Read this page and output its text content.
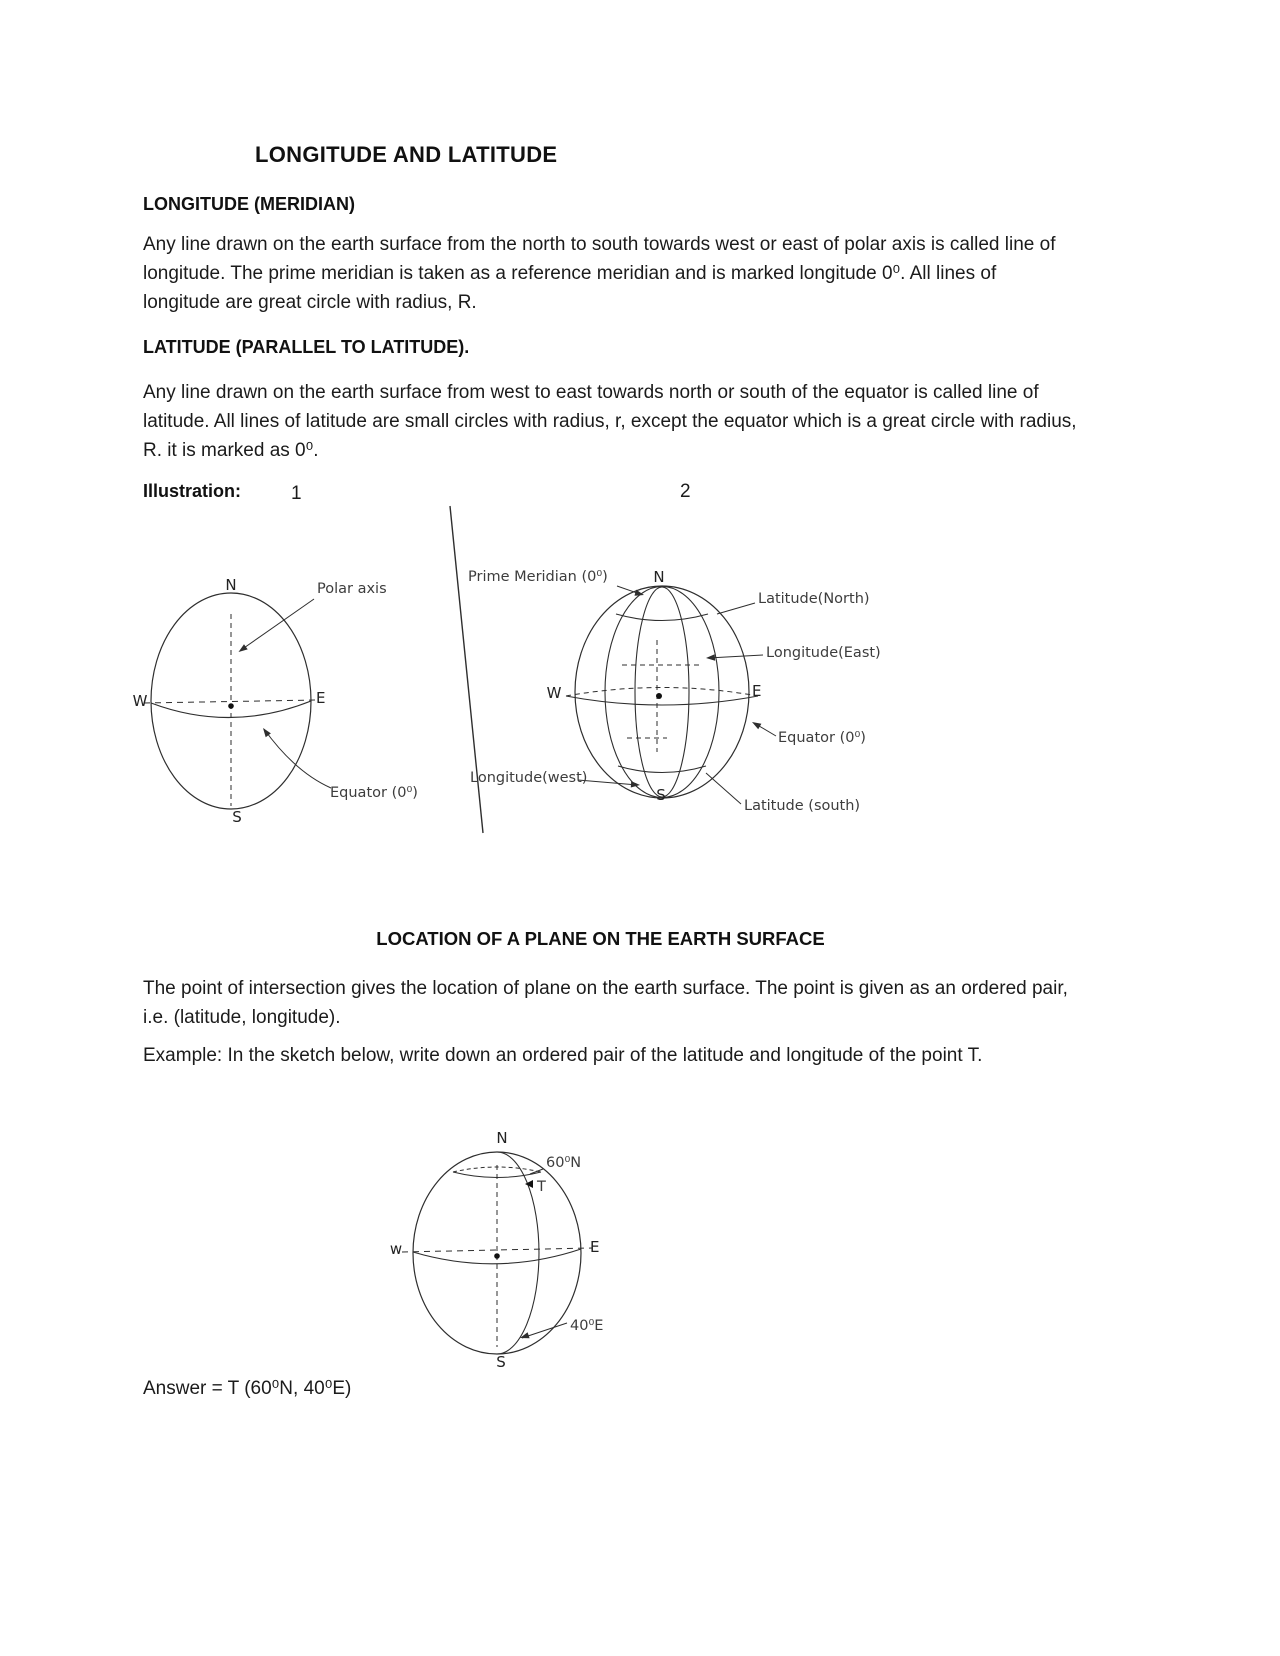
LONGITUDE AND LATITUDE
LONGITUDE (MERIDIAN)
Any line drawn on the earth surface from the north to south towards west or east of polar axis is called line of longitude. The prime meridian is taken as a reference meridian and is marked longitude 0⁰. All lines of longitude are great circle with radius, R.
LATITUDE (PARALLEL TO LATITUDE).
Any line drawn on the earth surface from west to east towards north or south of the equator is called line of latitude. All lines of latitude are small circles with radius, r, except the equator which is a great circle with radius, R. it is marked as 0⁰.
Illustration:	1	2
N
S
W	E
Polar axis
Equator (0⁰)
Prime Meridian (0⁰)	N
S
W	E
Latitude(North)
Longitude(East)
Equator (0⁰)
Longitude(west)
Latitude (south)
LOCATION OF A PLANE ON THE EARTH SURFACE
The point of intersection gives the location of plane on the earth surface. The point is given as an ordered pair, i.e. (latitude, longitude).
Example: In the sketch below, write down an ordered pair of the latitude and longitude of the point T.
N
S
w	E
60⁰N
T
40⁰E
Answer = T (60⁰N, 40⁰E)
